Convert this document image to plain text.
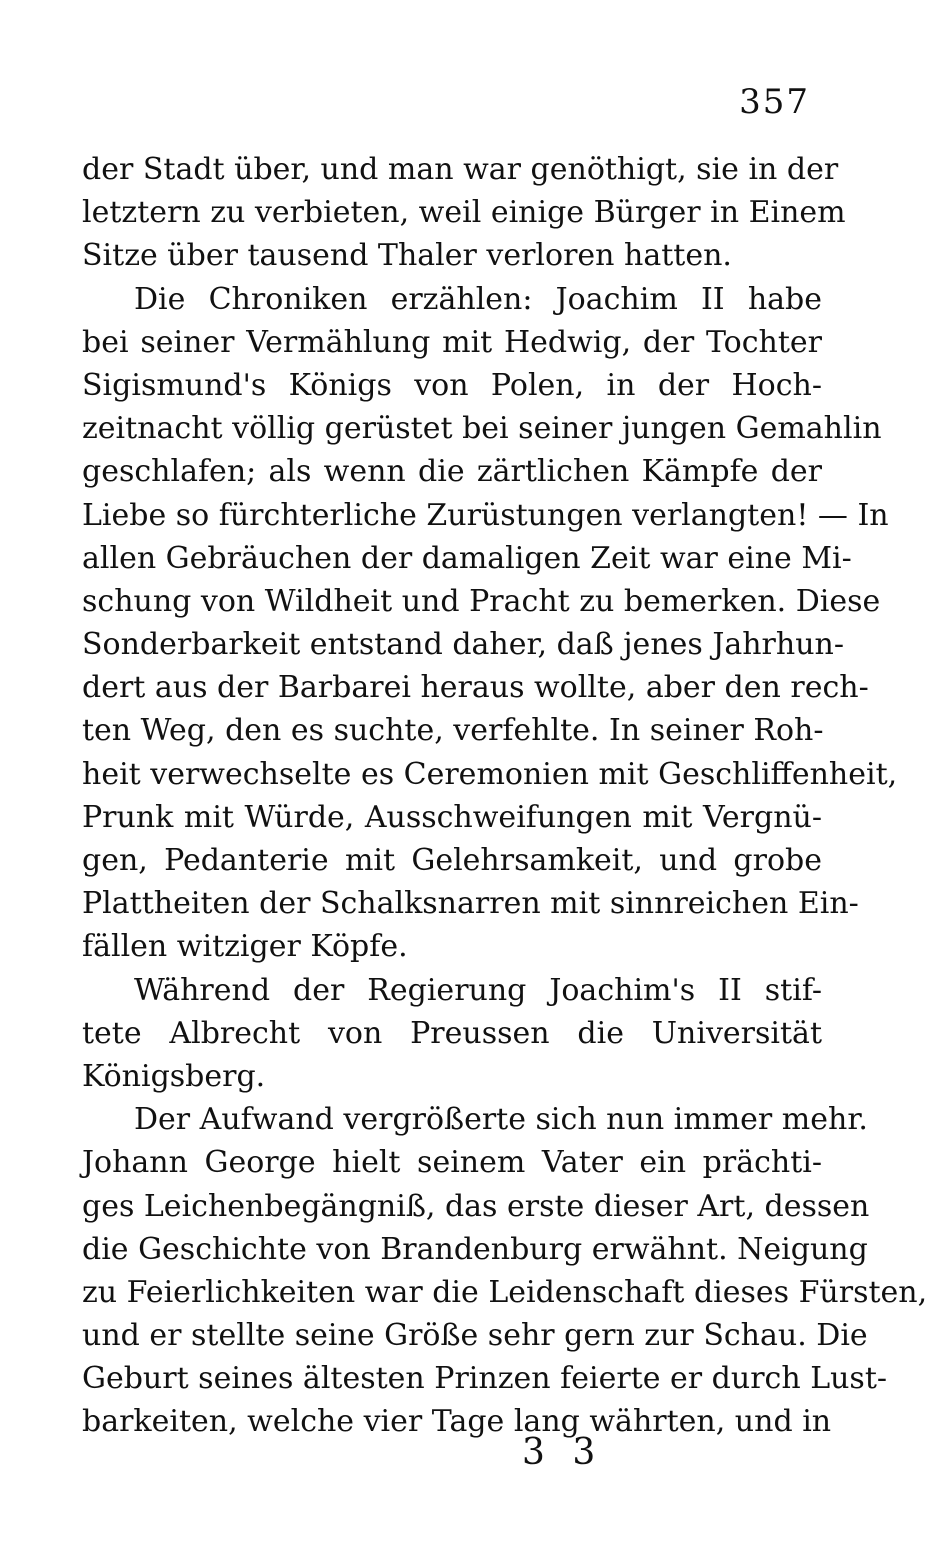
357
der Stadt über, und man war genöthigt, sie in der
letztern zu verbieten, weil einige Bürger in Einem
Sitze über tausend Thaler verloren hatten.
Die Chroniken erzählen: Joachim II habe
bei seiner Vermählung mit Hedwig, der Tochter
Sigismund's Königs von Polen, in der Hoch-
zeitnacht völlig gerüstet bei seiner jungen Gemahlin
geschlafen; als wenn die zärtlichen Kämpfe der
Liebe so fürchterliche Zurüstungen verlangten! — In
allen Gebräuchen der damaligen Zeit war eine Mi-
schung von Wildheit und Pracht zu bemerken. Diese
Sonderbarkeit entstand daher, daß jenes Jahrhun-
dert aus der Barbarei heraus wollte, aber den rech-
ten Weg, den es suchte, verfehlte. In seiner Roh-
heit verwechselte es Ceremonien mit Geschliffenheit,
Prunk mit Würde, Ausschweifungen mit Vergnü-
gen, Pedanterie mit Gelehrsamkeit, und grobe
Plattheiten der Schalksnarren mit sinnreichen Ein-
fällen witziger Köpfe.
Während der Regierung Joachim's II stif-
tete Albrecht von Preussen die Universität
Königsberg.
Der Aufwand vergrößerte sich nun immer mehr.
Johann George hielt seinem Vater ein prächti-
ges Leichenbegängniß, das erste dieser Art, dessen
die Geschichte von Brandenburg erwähnt. Neigung
zu Feierlichkeiten war die Leidenschaft dieses Fürsten,
und er stellte seine Größe sehr gern zur Schau. Die
Geburt seines ältesten Prinzen feierte er durch Lust-
barkeiten, welche vier Tage lang währten, und in
3 3
